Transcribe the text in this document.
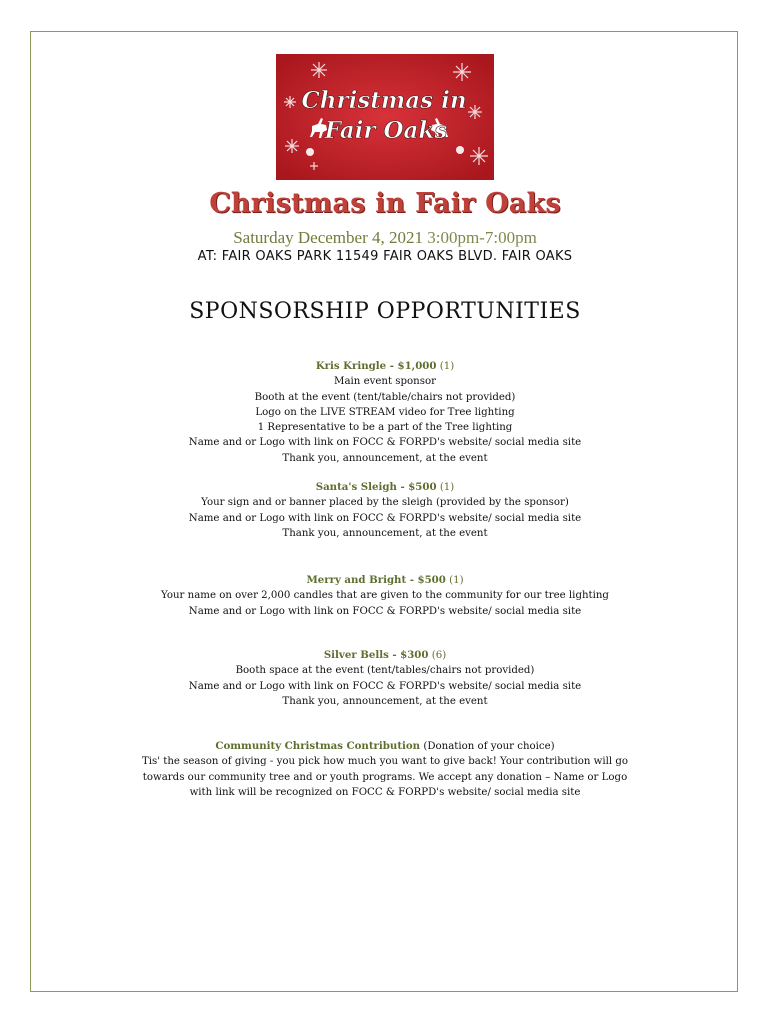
Christmas in
Fair Oaks
Christmas in Fair Oaks
Saturday December 4, 2021 3:00pm-7:00pm
AT: FAIR OAKS PARK 11549 FAIR OAKS BLVD. FAIR OAKS
SPONSORSHIP OPPORTUNITIES
Kris Kringle - $1,000 (1)
Main event sponsor
Booth at the event (tent/table/chairs not provided)
Logo on the LIVE STREAM video for Tree lighting
1 Representative to be a part of the Tree lighting
Name and or Logo with link on FOCC & FORPD's website/ social media site
Thank you, announcement, at the event
Santa's Sleigh - $500 (1)
Your sign and or banner placed by the sleigh (provided by the sponsor)
Name and or Logo with link on FOCC & FORPD's website/ social media site
Thank you, announcement, at the event
Merry and Bright - $500 (1)
Your name on over 2,000 candles that are given to the community for our tree lighting
Name and or Logo with link on FOCC & FORPD's website/ social media site
Silver Bells - $300 (6)
Booth space at the event (tent/tables/chairs not provided)
Name and or Logo with link on FOCC & FORPD's website/ social media site
Thank you, announcement, at the event
Community Christmas Contribution (Donation of your choice)
Tis' the season of giving - you pick how much you want to give back! Your contribution will go
towards our community tree and or youth programs. We accept any donation – Name or Logo
with link will be recognized on FOCC & FORPD's website/ social media site
